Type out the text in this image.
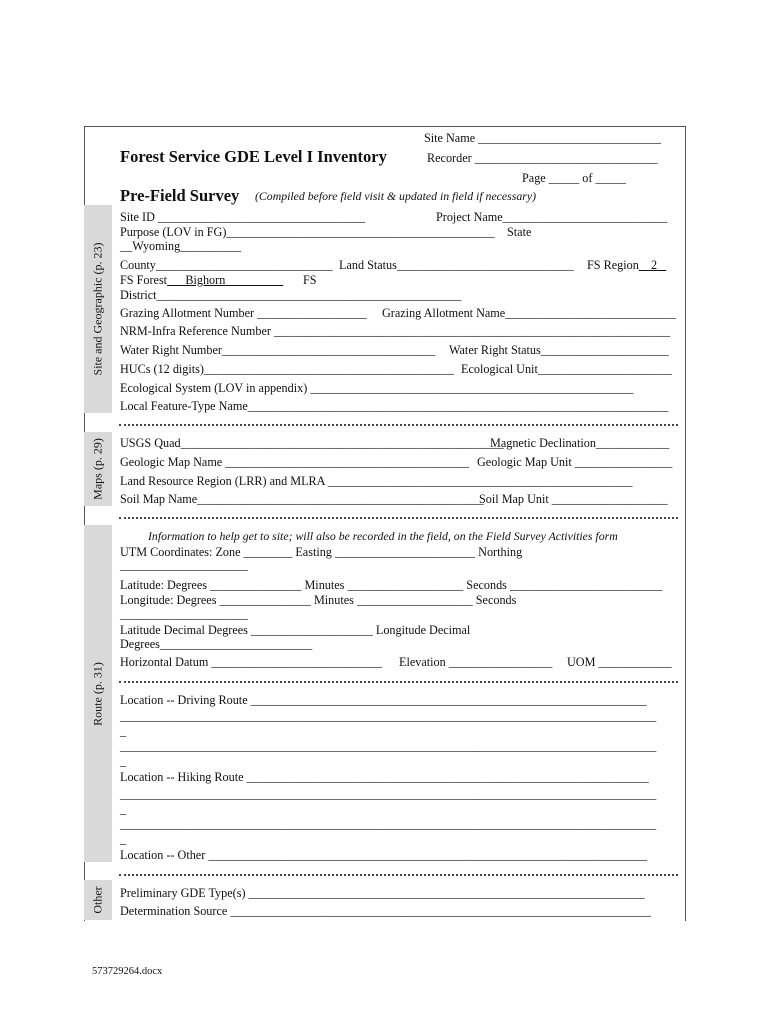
Site and Geographic (p. 23)
Maps (p. 29)
Route (p. 31)
Other
Site Name ______________________________
Forest Service GDE Level I Inventory	Recorder ______________________________
Page _____ of _____
Pre-Field Survey (Compiled before field visit & updated in field if necessary)
Site ID __________________________________	Project Name___________________________
Purpose (LOV in FG)____________________________________________ State
__Wyoming__________
County_____________________________ Land Status_____________________________ FS Region 2
FS Forest Bighorn	FS
District__________________________________________________
Grazing Allotment Number __________________ Grazing Allotment Name____________________________
NRM-Infra Reference Number _________________________________________________________________
Water Right Number___________________________________ Water Right Status_____________________
HUCs (12 digits)_________________________________________ Ecological Unit______________________
Ecological System (LOV in appendix) _____________________________________________________
Local Feature-Type Name_____________________________________________________________________
USGS Quad_____________________________________________________
Magnetic Declination____________
Geologic Map Name ________________________________________ Geologic Map Unit ________________
Land Resource Region (LRR) and MLRA __________________________________________________
Soil Map Name_______________________________________________
Soil Map Unit ___________________
Information to help get to site; will also be recorded in the field, on the Field Survey Activities form
UTM Coordinates: Zone ________ Easting _______________________ Northing
_____________________
Latitude: Degrees _______________ Minutes ___________________ Seconds _________________________
Longitude: Degrees _______________ Minutes ___________________ Seconds
_____________________
Latitude Decimal Degrees ____________________ Longitude Decimal
Degrees_________________________
Horizontal Datum ____________________________ Elevation _________________ UOM ____________
Location -- Driving Route _________________________________________________________________
________________________________________________________________________________________
_
________________________________________________________________________________________
_
Location -- Hiking Route __________________________________________________________________
________________________________________________________________________________________
_
________________________________________________________________________________________
_
Location -- Other ________________________________________________________________________
Preliminary GDE Type(s) _________________________________________________________________
Determination Source _____________________________________________________________________
573729264.docx
